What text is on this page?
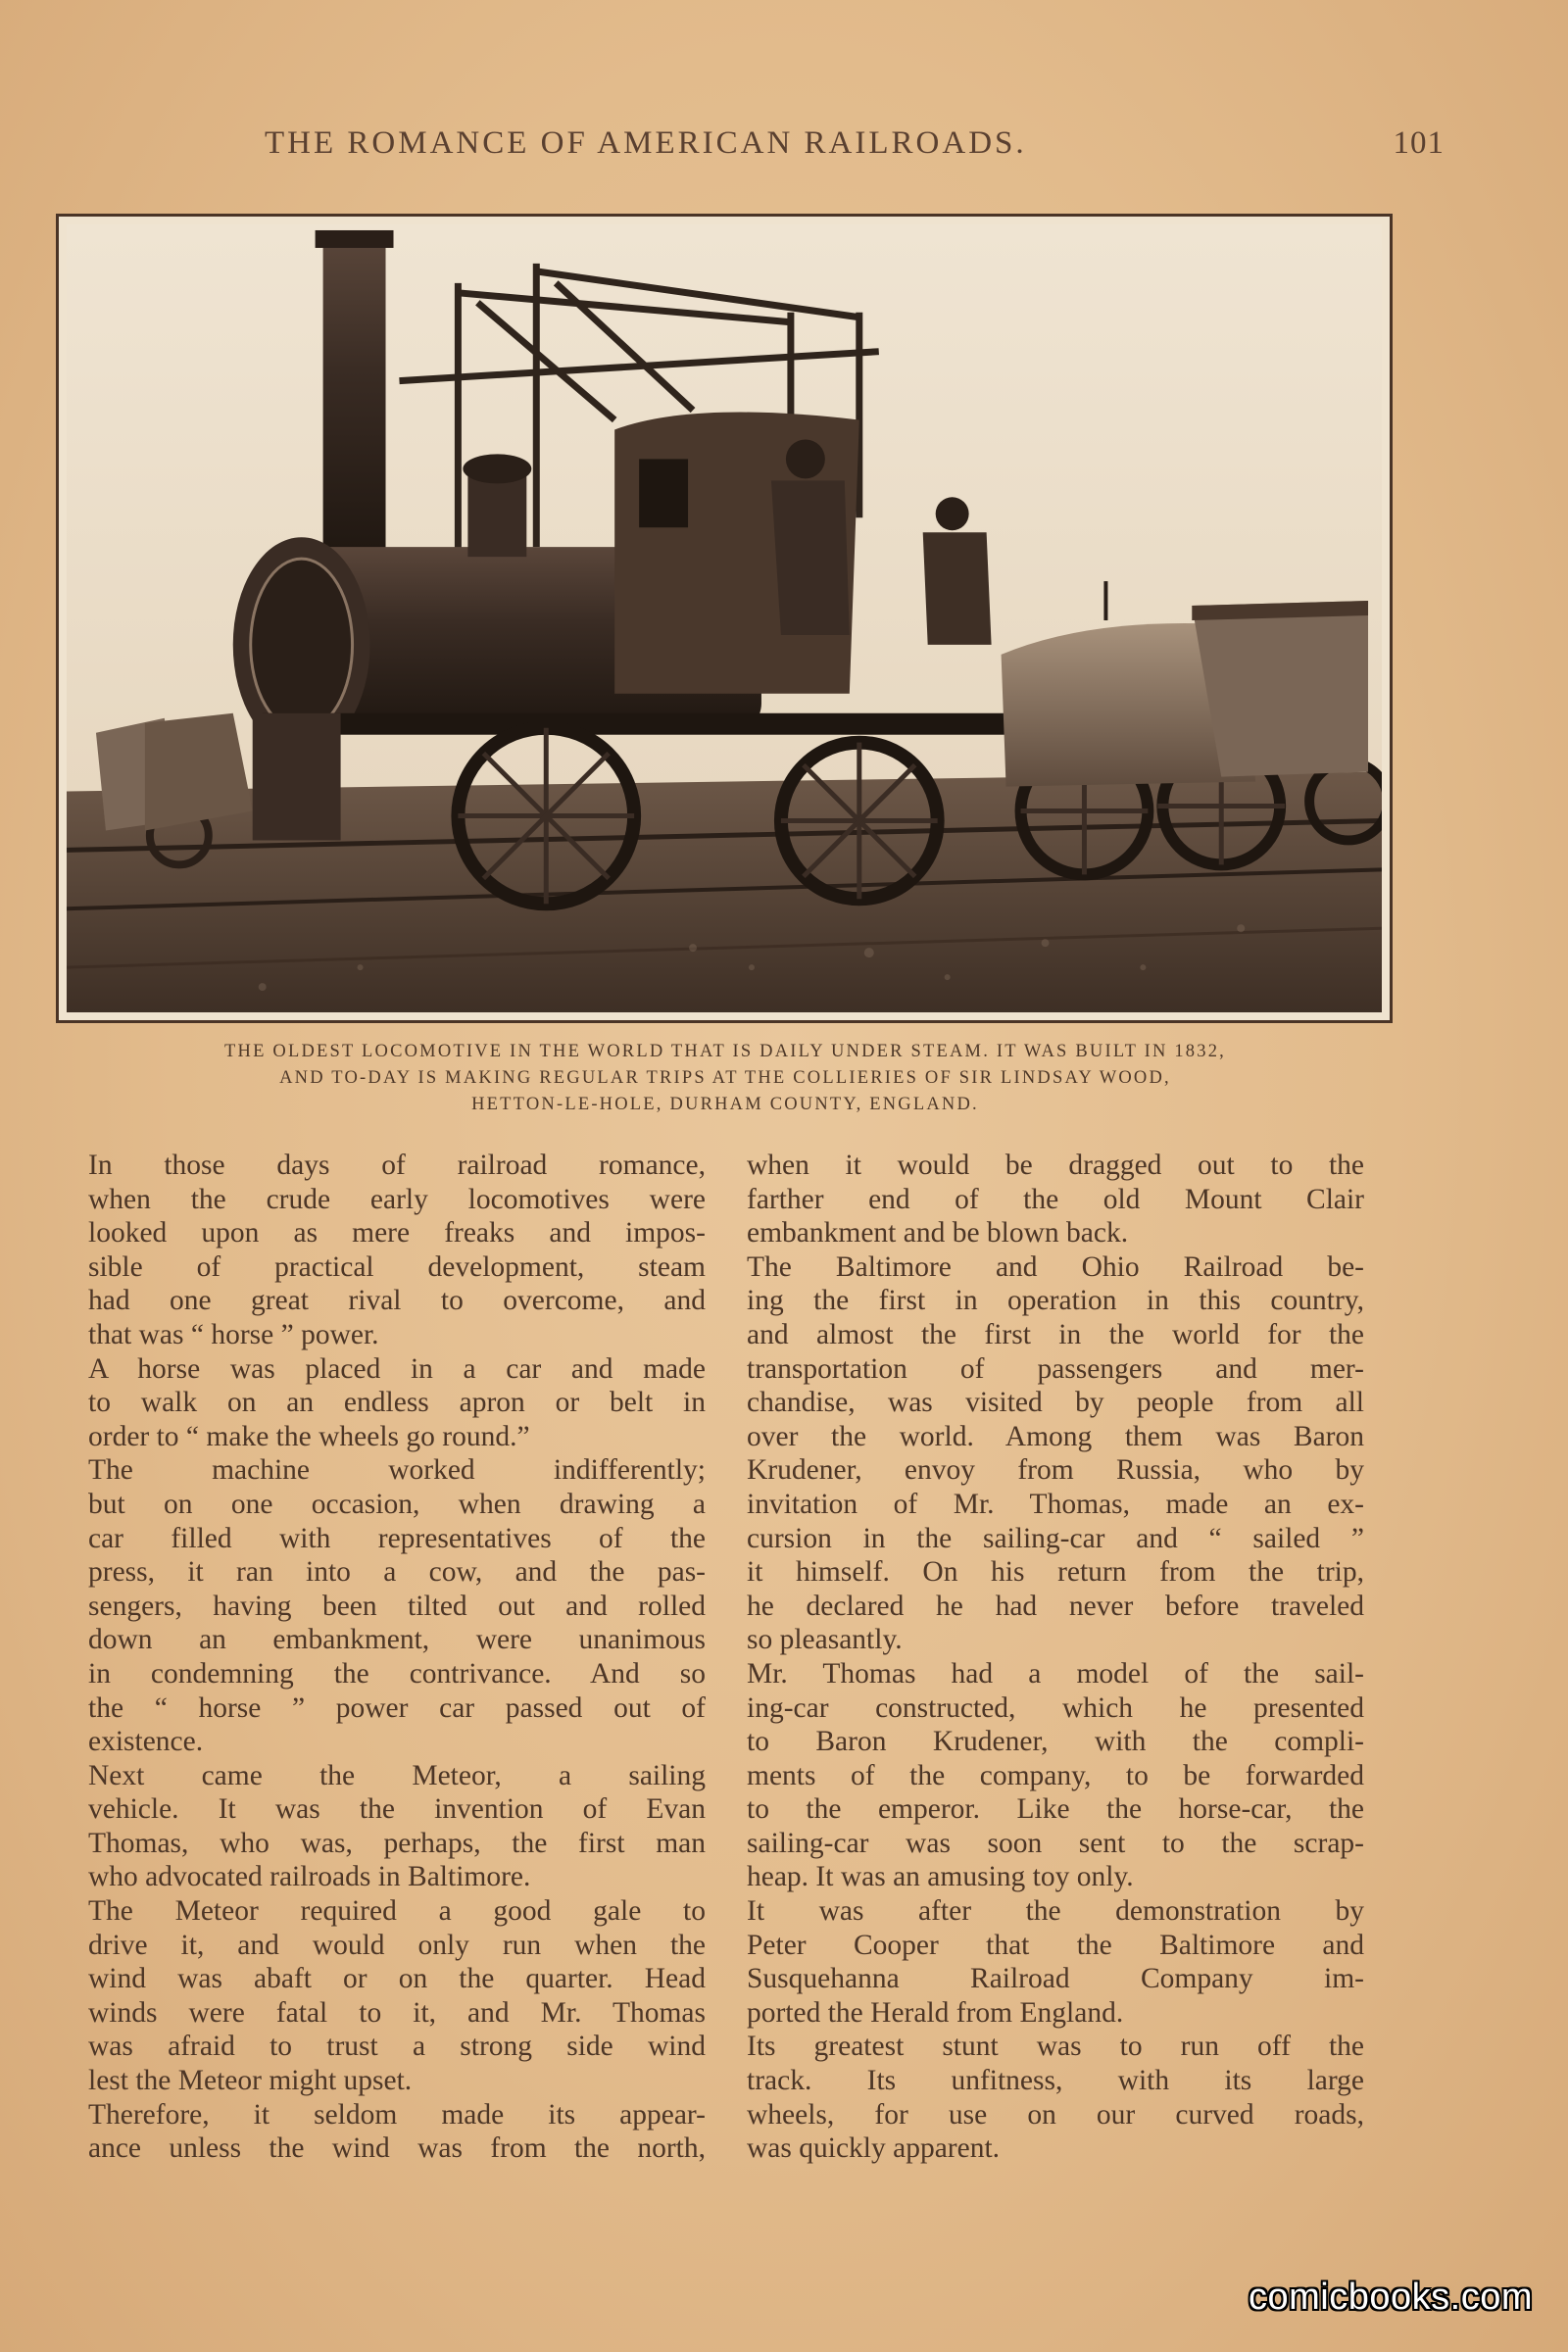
THE ROMANCE OF AMERICAN RAILROADS.	101
THE OLDEST LOCOMOTIVE IN THE WORLD THAT IS DAILY UNDER STEAM. IT WAS BUILT IN 1832,
AND TO-DAY IS MAKING REGULAR TRIPS AT THE COLLIERIES OF SIR LINDSAY WOOD,
HETTON-LE-HOLE, DURHAM COUNTY, ENGLAND.
In those days of railroad romance,
when the crude early locomotives were
looked upon as mere freaks and impos-
sible of practical development, steam
had one great rival to overcome, and
that was “ horse ” power.
A horse was placed in a car and made
to walk on an endless apron or belt in
order to “ make the wheels go round.”
The machine worked indifferently;
but on one occasion, when drawing a
car filled with representatives of the
press, it ran into a cow, and the pas-
sengers, having been tilted out and rolled
down an embankment, were unanimous
in condemning the contrivance. And so
the “ horse ” power car passed out of
existence.
Next came the Meteor, a sailing
vehicle. It was the invention of Evan
Thomas, who was, perhaps, the first man
who advocated railroads in Baltimore.
The Meteor required a good gale to
drive it, and would only run when the
wind was abaft or on the quarter. Head
winds were fatal to it, and Mr. Thomas
was afraid to trust a strong side wind
lest the Meteor might upset.
Therefore, it seldom made its appear-
ance unless the wind was from the north,
when it would be dragged out to the
farther end of the old Mount Clair
embankment and be blown back.
The Baltimore and Ohio Railroad be-
ing the first in operation in this country,
and almost the first in the world for the
transportation of passengers and mer-
chandise, was visited by people from all
over the world. Among them was Baron
Krudener, envoy from Russia, who by
invitation of Mr. Thomas, made an ex-
cursion in the sailing-car and “ sailed ”
it himself. On his return from the trip,
he declared he had never before traveled
so pleasantly.
Mr. Thomas had a model of the sail-
ing-car constructed, which he presented
to Baron Krudener, with the compli-
ments of the company, to be forwarded
to the emperor. Like the horse-car, the
sailing-car was soon sent to the scrap-
heap. It was an amusing toy only.
It was after the demonstration by
Peter Cooper that the Baltimore and
Susquehanna Railroad Company im-
ported the Herald from England.
Its greatest stunt was to run off the
track. Its unfitness, with its large
wheels, for use on our curved roads,
was quickly apparent.
comicbooks.com
